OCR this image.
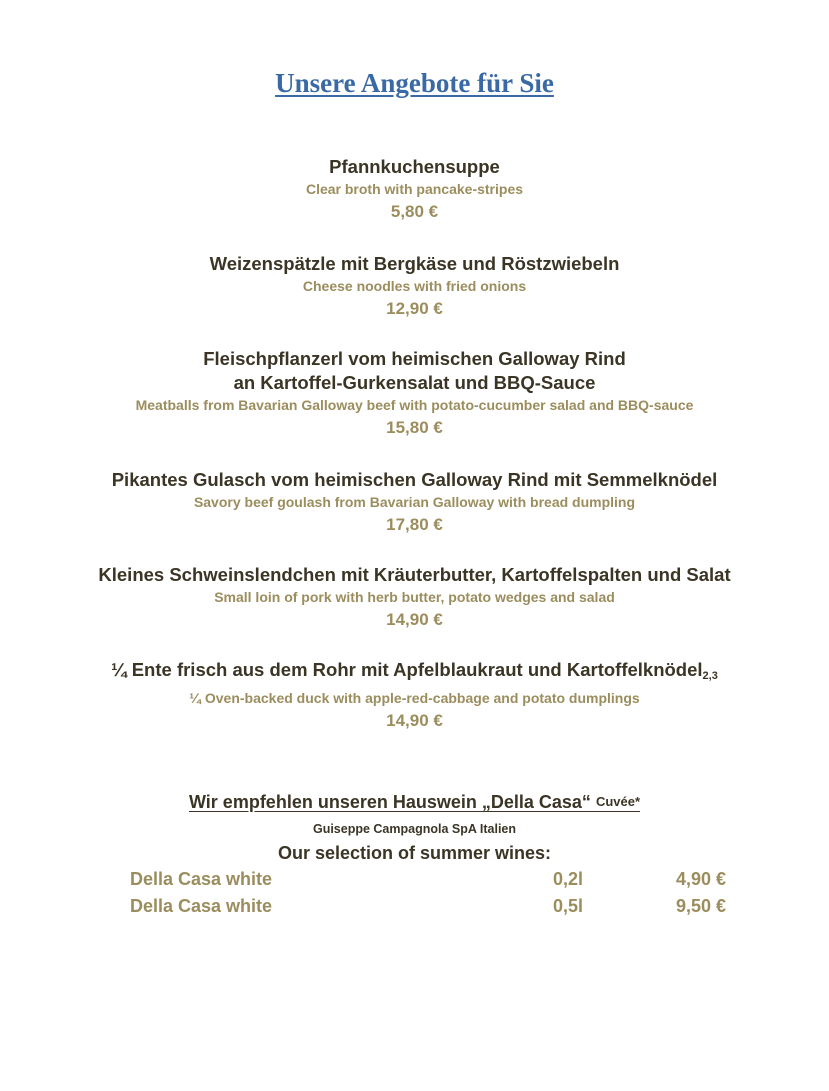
Unsere Angebote für Sie
Pfannkuchensuppe
Clear broth with pancake-stripes
5,80 €
Weizenspätzle mit Bergkäse und Röstzwiebeln
Cheese noodles with fried onions
12,90 €
Fleischpflanzerl vom heimischen Galloway Rind
an Kartoffel-Gurkensalat und BBQ-Sauce
Meatballs from Bavarian Galloway beef with potato-cucumber salad and BBQ-sauce
15,80 €
Pikantes Gulasch vom heimischen Galloway Rind mit Semmelknödel
Savory beef goulash from Bavarian Galloway with bread dumpling
17,80 €
Kleines Schweinslendchen mit Kräuterbutter, Kartoffelspalten und Salat
Small loin of pork with herb butter, potato wedges and salad
14,90 €
¼ Ente frisch aus dem Rohr mit Apfelblaukraut und Kartoffelknödel$_{2,3}$
¼ Oven-backed duck with apple-red-cabbage and potato dumplings
14,90 €
Wir empfehlen unseren Hauswein „Della Casa“ $^{Cuvée*}$
Guiseppe Campagnola SpA Italien
Our selection of summer wines:
Della Casa white	0,2l	4,90 €
Della Casa white	0,5l	9,50 €
